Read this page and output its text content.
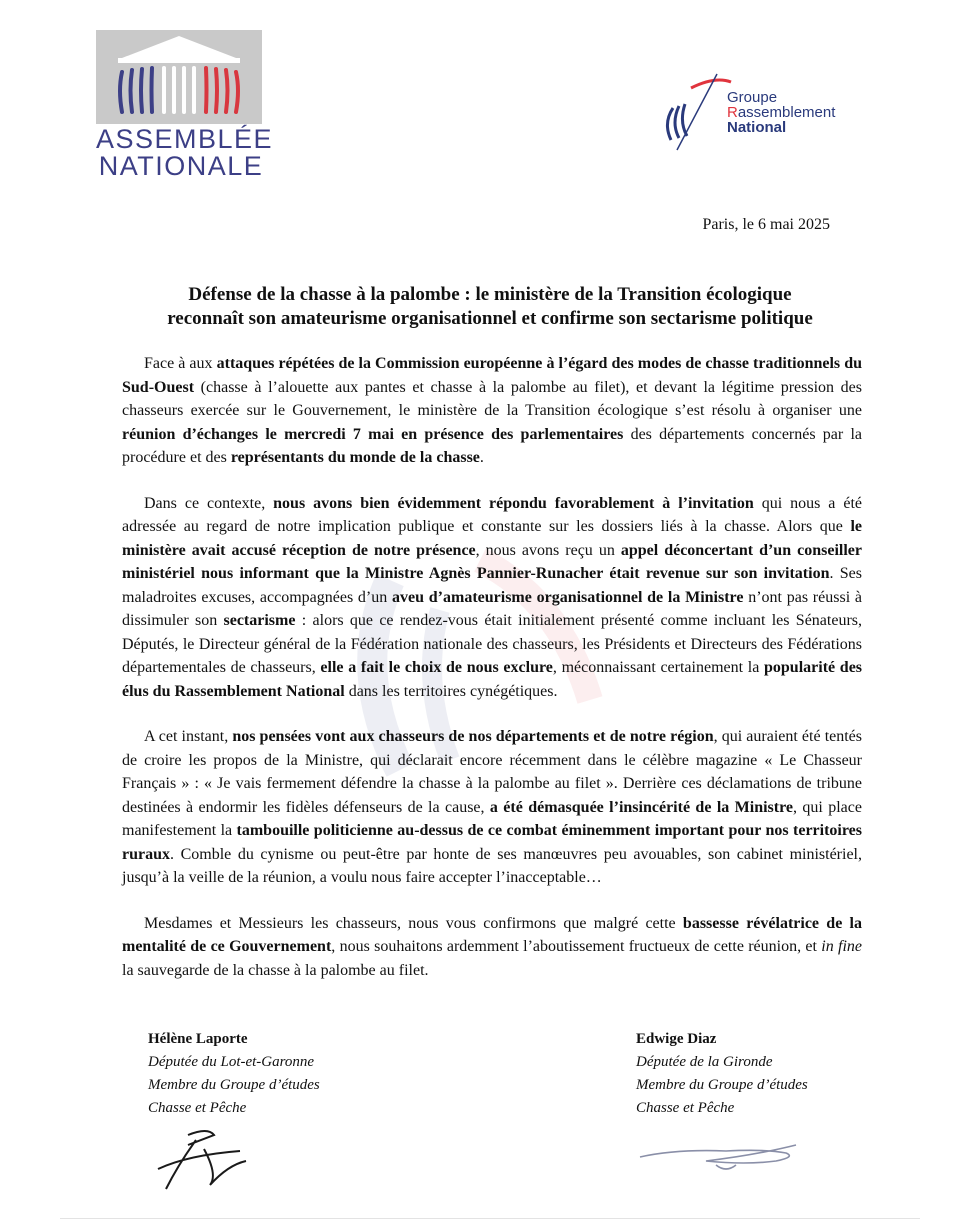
ASSEMBLÉE
NATIONALE
Groupe
Rassemblement
National
Paris, le 6 mai 2025
Défense de la chasse à la palombe : le ministère de la Transition écologique
reconnaît son amateurisme organisationnel et confirme son sectarisme politique

Face à aux attaques répétées de la Commission européenne à l’égard des modes de chasse traditionnels du Sud-Ouest (chasse à l’alouette aux pantes et chasse à la palombe au filet), et devant la légitime pression des chasseurs exercée sur le Gouvernement, le ministère de la Transition écologique s’est résolu à organiser une réunion d’échanges le mercredi 7 mai en présence des parlementaires des départements concernés par la procédure et des représentants du monde de la chasse.

Dans ce contexte, nous avons bien évidemment répondu favorablement à l’invitation qui nous a été adressée au regard de notre implication publique et constante sur les dossiers liés à la chasse. Alors que le ministère avait accusé réception de notre présence, nous avons reçu un appel déconcertant d’un conseiller ministériel nous informant que la Ministre Agnès Pannier-Runacher était revenue sur son invitation. Ses maladroites excuses, accompagnées d’un aveu d’amateurisme organisationnel de la Ministre n’ont pas réussi à dissimuler son sectarisme : alors que ce rendez-vous était initialement présenté comme incluant les Sénateurs, Députés, le Directeur général de la Fédération nationale des chasseurs, les Présidents et Directeurs des Fédérations départementales de chasseurs, elle a fait le choix de nous exclure, méconnaissant certainement la popularité des élus du Rassemblement National dans les territoires cynégétiques.

A cet instant, nos pensées vont aux chasseurs de nos départements et de notre région, qui auraient été tentés de croire les propos de la Ministre, qui déclarait encore récemment dans le célèbre magazine « Le Chasseur Français » : « Je vais fermement défendre la chasse à la palombe au filet ». Derrière ces déclamations de tribune destinées à endormir les fidèles défenseurs de la cause, a été démasquée l’insincérité de la Ministre, qui place manifestement la tambouille politicienne au-dessus de ce combat éminemment important pour nos territoires ruraux. Comble du cynisme ou peut-être par honte de ses manœuvres peu avouables, son cabinet ministériel, jusqu’à la veille de la réunion, a voulu nous faire accepter l’inacceptable…

Mesdames et Messieurs les chasseurs, nous vous confirmons que malgré cette bassesse révélatrice de la mentalité de ce Gouvernement, nous souhaitons ardemment l’aboutissement fructueux de cette réunion, et in fine la sauvegarde de la chasse à la palombe au filet.

Hélène Laporte
Députée du Lot-et-Garonne
Membre du Groupe d’études
Chasse et Pêche
Edwige Diaz
Députée de la Gironde
Membre du Groupe d’études
Chasse et Pêche
